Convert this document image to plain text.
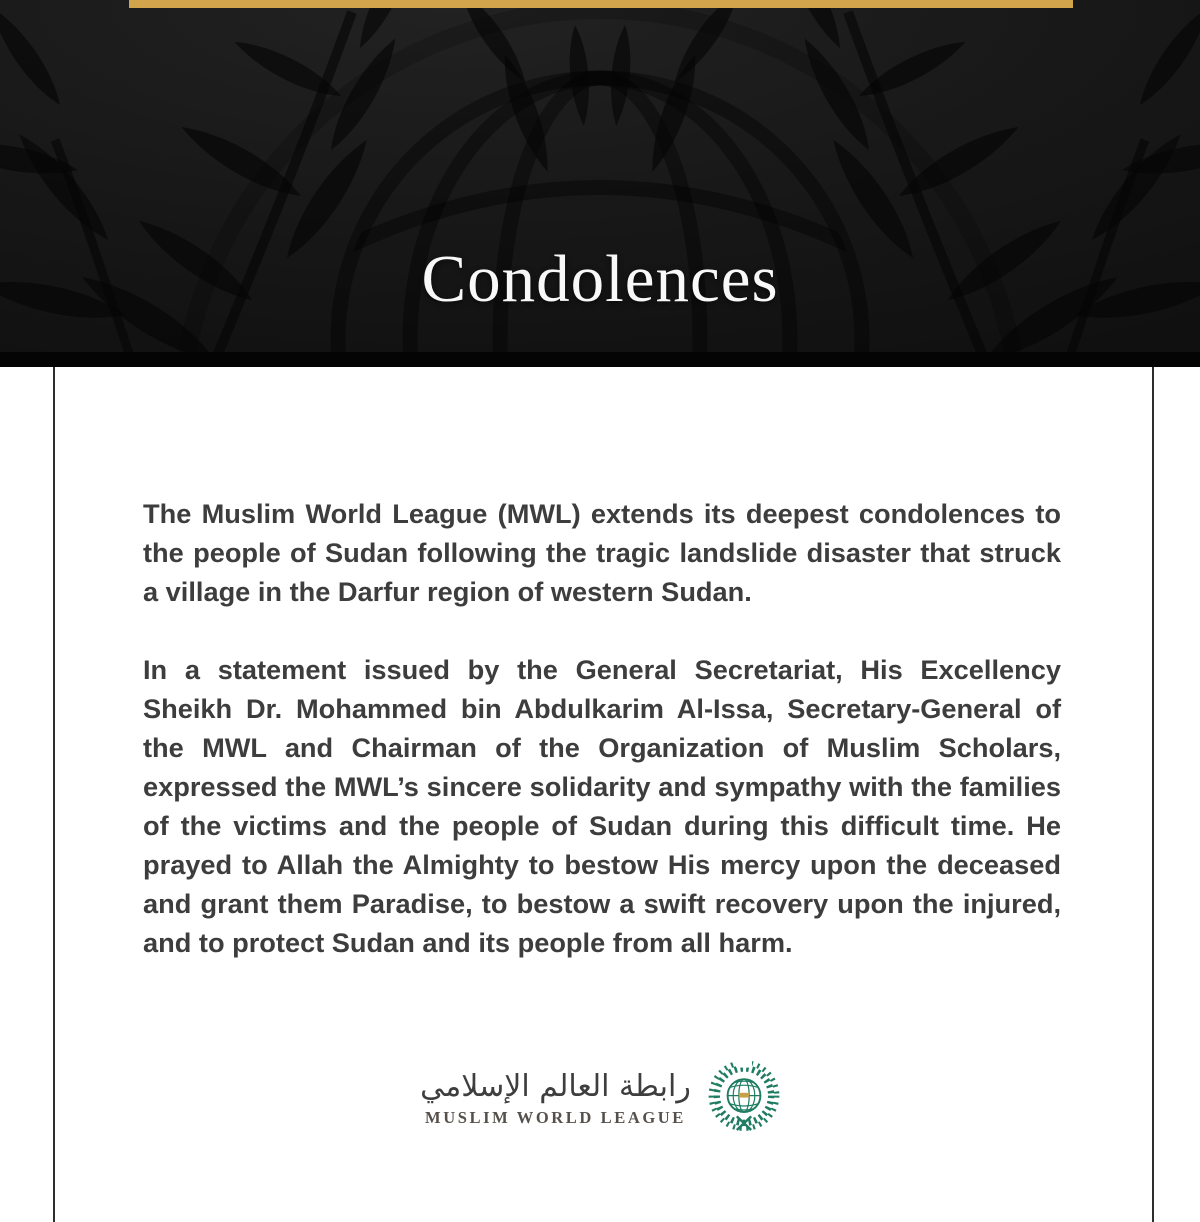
Condolences

The Muslim World League (MWL) extends its deepest condolences to the people of Sudan following the tragic landslide disaster that struck a village in the Darfur region of western Sudan.

In a statement issued by the General Secretariat, His Excellency Sheikh Dr. Mohammed bin Abdulkarim Al-Issa, Secretary-General of the MWL and Chairman of the Organization of Muslim Scholars, expressed the MWL’s sincere solidarity and sympathy with the families of the victims and the people of Sudan during this difficult time. He prayed to Allah the Almighty to bestow His mercy upon the deceased and grant them Paradise, to bestow a swift recovery upon the injured, and to protect Sudan and its people from all harm.

رابطة العالم الإسلامي
MUSLIM WORLD LEAGUE
